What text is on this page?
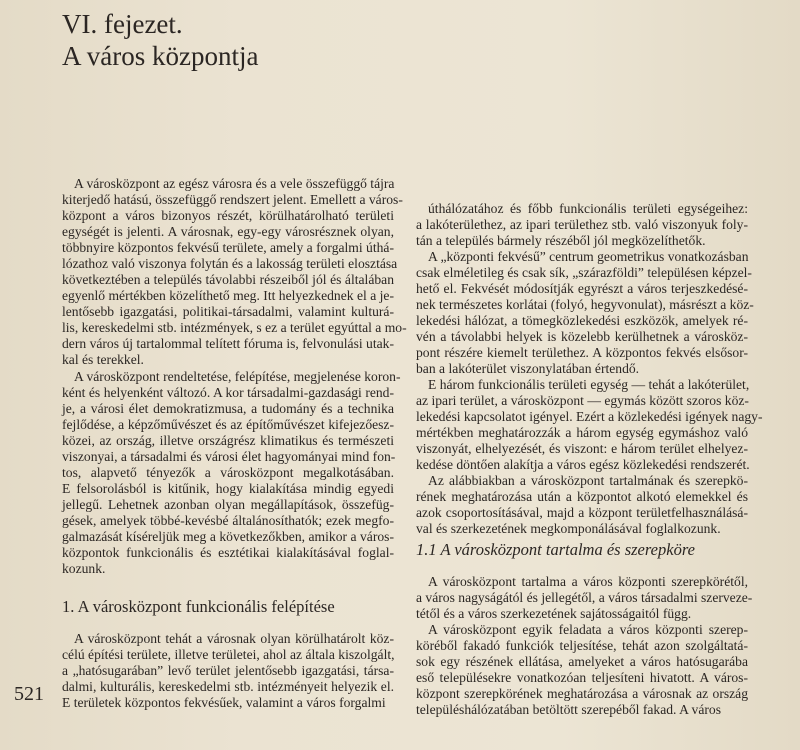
VI. fejezet.
A város központja
A városközpont az egész városra és a vele összefüggő tájra
kiterjedő hatású, összefüggő rendszert jelent. Emellett a város-
központ a város bizonyos részét, körülhatárolható területi
egységét is jelenti. A városnak, egy-egy városrésznek olyan,
többnyire központos fekvésű területe, amely a forgalmi úthá-
lózathoz való viszonya folytán és a lakosság területi elosztása
következtében a település távolabbi részeiből jól és általában
egyenlő mértékben közelíthető meg. Itt helyezkednek el a je-
lentősebb igazgatási, politikai-társadalmi, valamint kulturá-
lis, kereskedelmi stb. intézmények, s ez a terület egyúttal a mo-
dern város új tartalommal telített fóruma is, felvonulási utak-
kal és terekkel.
A városközpont rendeltetése, felépítése, megjelenése koron-
ként és helyenként változó. A kor társadalmi-gazdasági rend-
je, a városi élet demokratizmusa, a tudomány és a technika
fejlődése, a képzőművészet és az építőművészet kifejezőesz-
közei, az ország, illetve országrész klimatikus és természeti
viszonyai, a társadalmi és városi élet hagyományai mind fon-
tos, alapvető tényezők a városközpont megalkotásában.
E felsorolásból is kitűnik, hogy kialakítása mindig egyedi
jellegű. Lehetnek azonban olyan megállapítások, összefüg-
gések, amelyek többé-kevésbé általánosíthatók; ezek megfo-
galmazását kíséreljük meg a következőkben, amikor a város-
központok funkcionális és esztétikai kialakításával foglal-
kozunk.
1. A városközpont funkcionális felépítése
A városközpont tehát a városnak olyan körülhatárolt köz-
célú építési területe, illetve területei, ahol az általa kiszolgált,
a „hatósugarában” levő terület jelentősebb igazgatási, társa-
dalmi, kulturális, kereskedelmi stb. intézményeit helyezik el.
E területek központos fekvésűek, valamint a város forgalmi
úthálózatához és főbb funkcionális területi egységeihez:
a lakóterülethez, az ipari területhez stb. való viszonyuk foly-
tán a település bármely részéből jól megközelíthetők.
A „központi fekvésű” centrum geometrikus vonatkozásban
csak elméletileg és csak sík, „szárazföldi” településen képzel-
hető el. Fekvését módosítják egyrészt a város terjeszkedésé-
nek természetes korlátai (folyó, hegyvonulat), másrészt a köz-
lekedési hálózat, a tömegközlekedési eszközök, amelyek ré-
vén a távolabbi helyek is közelebb kerülhetnek a városköz-
pont részére kiemelt területhez. A központos fekvés elsősor-
ban a lakóterület viszonylatában értendő.
E három funkcionális területi egység — tehát a lakóterület,
az ipari terület, a városközpont — egymás között szoros köz-
lekedési kapcsolatot igényel. Ezért a közlekedési igények nagy-
mértékben meghatározzák a három egység egymáshoz való
viszonyát, elhelyezését, és viszont: e három terület elhelyez-
kedése döntően alakítja a város egész közlekedési rendszerét.
Az alábbiakban a városközpont tartalmának és szerepkö-
rének meghatározása után a központot alkotó elemekkel és
azok csoportosításával, majd a központ területfelhasználásá-
val és szerkezetének megkomponálásával foglalkozunk.
1.1 A városközpont tartalma és szerepköre
A városközpont tartalma a város központi szerepkörétől,
a város nagyságától és jellegétől, a város társadalmi szerveze-
tétől és a város szerkezetének sajátosságaitól függ.
A városközpont egyik feladata a város központi szerep-
köréből fakadó funkciók teljesítése, tehát azon szolgáltatá-
sok egy részének ellátása, amelyeket a város hatósugarába
eső településekre vonatkozóan teljesíteni hivatott. A város-
központ szerepkörének meghatározása a városnak az ország
településhálózatában betöltött szerepéből fakad. A város
521
